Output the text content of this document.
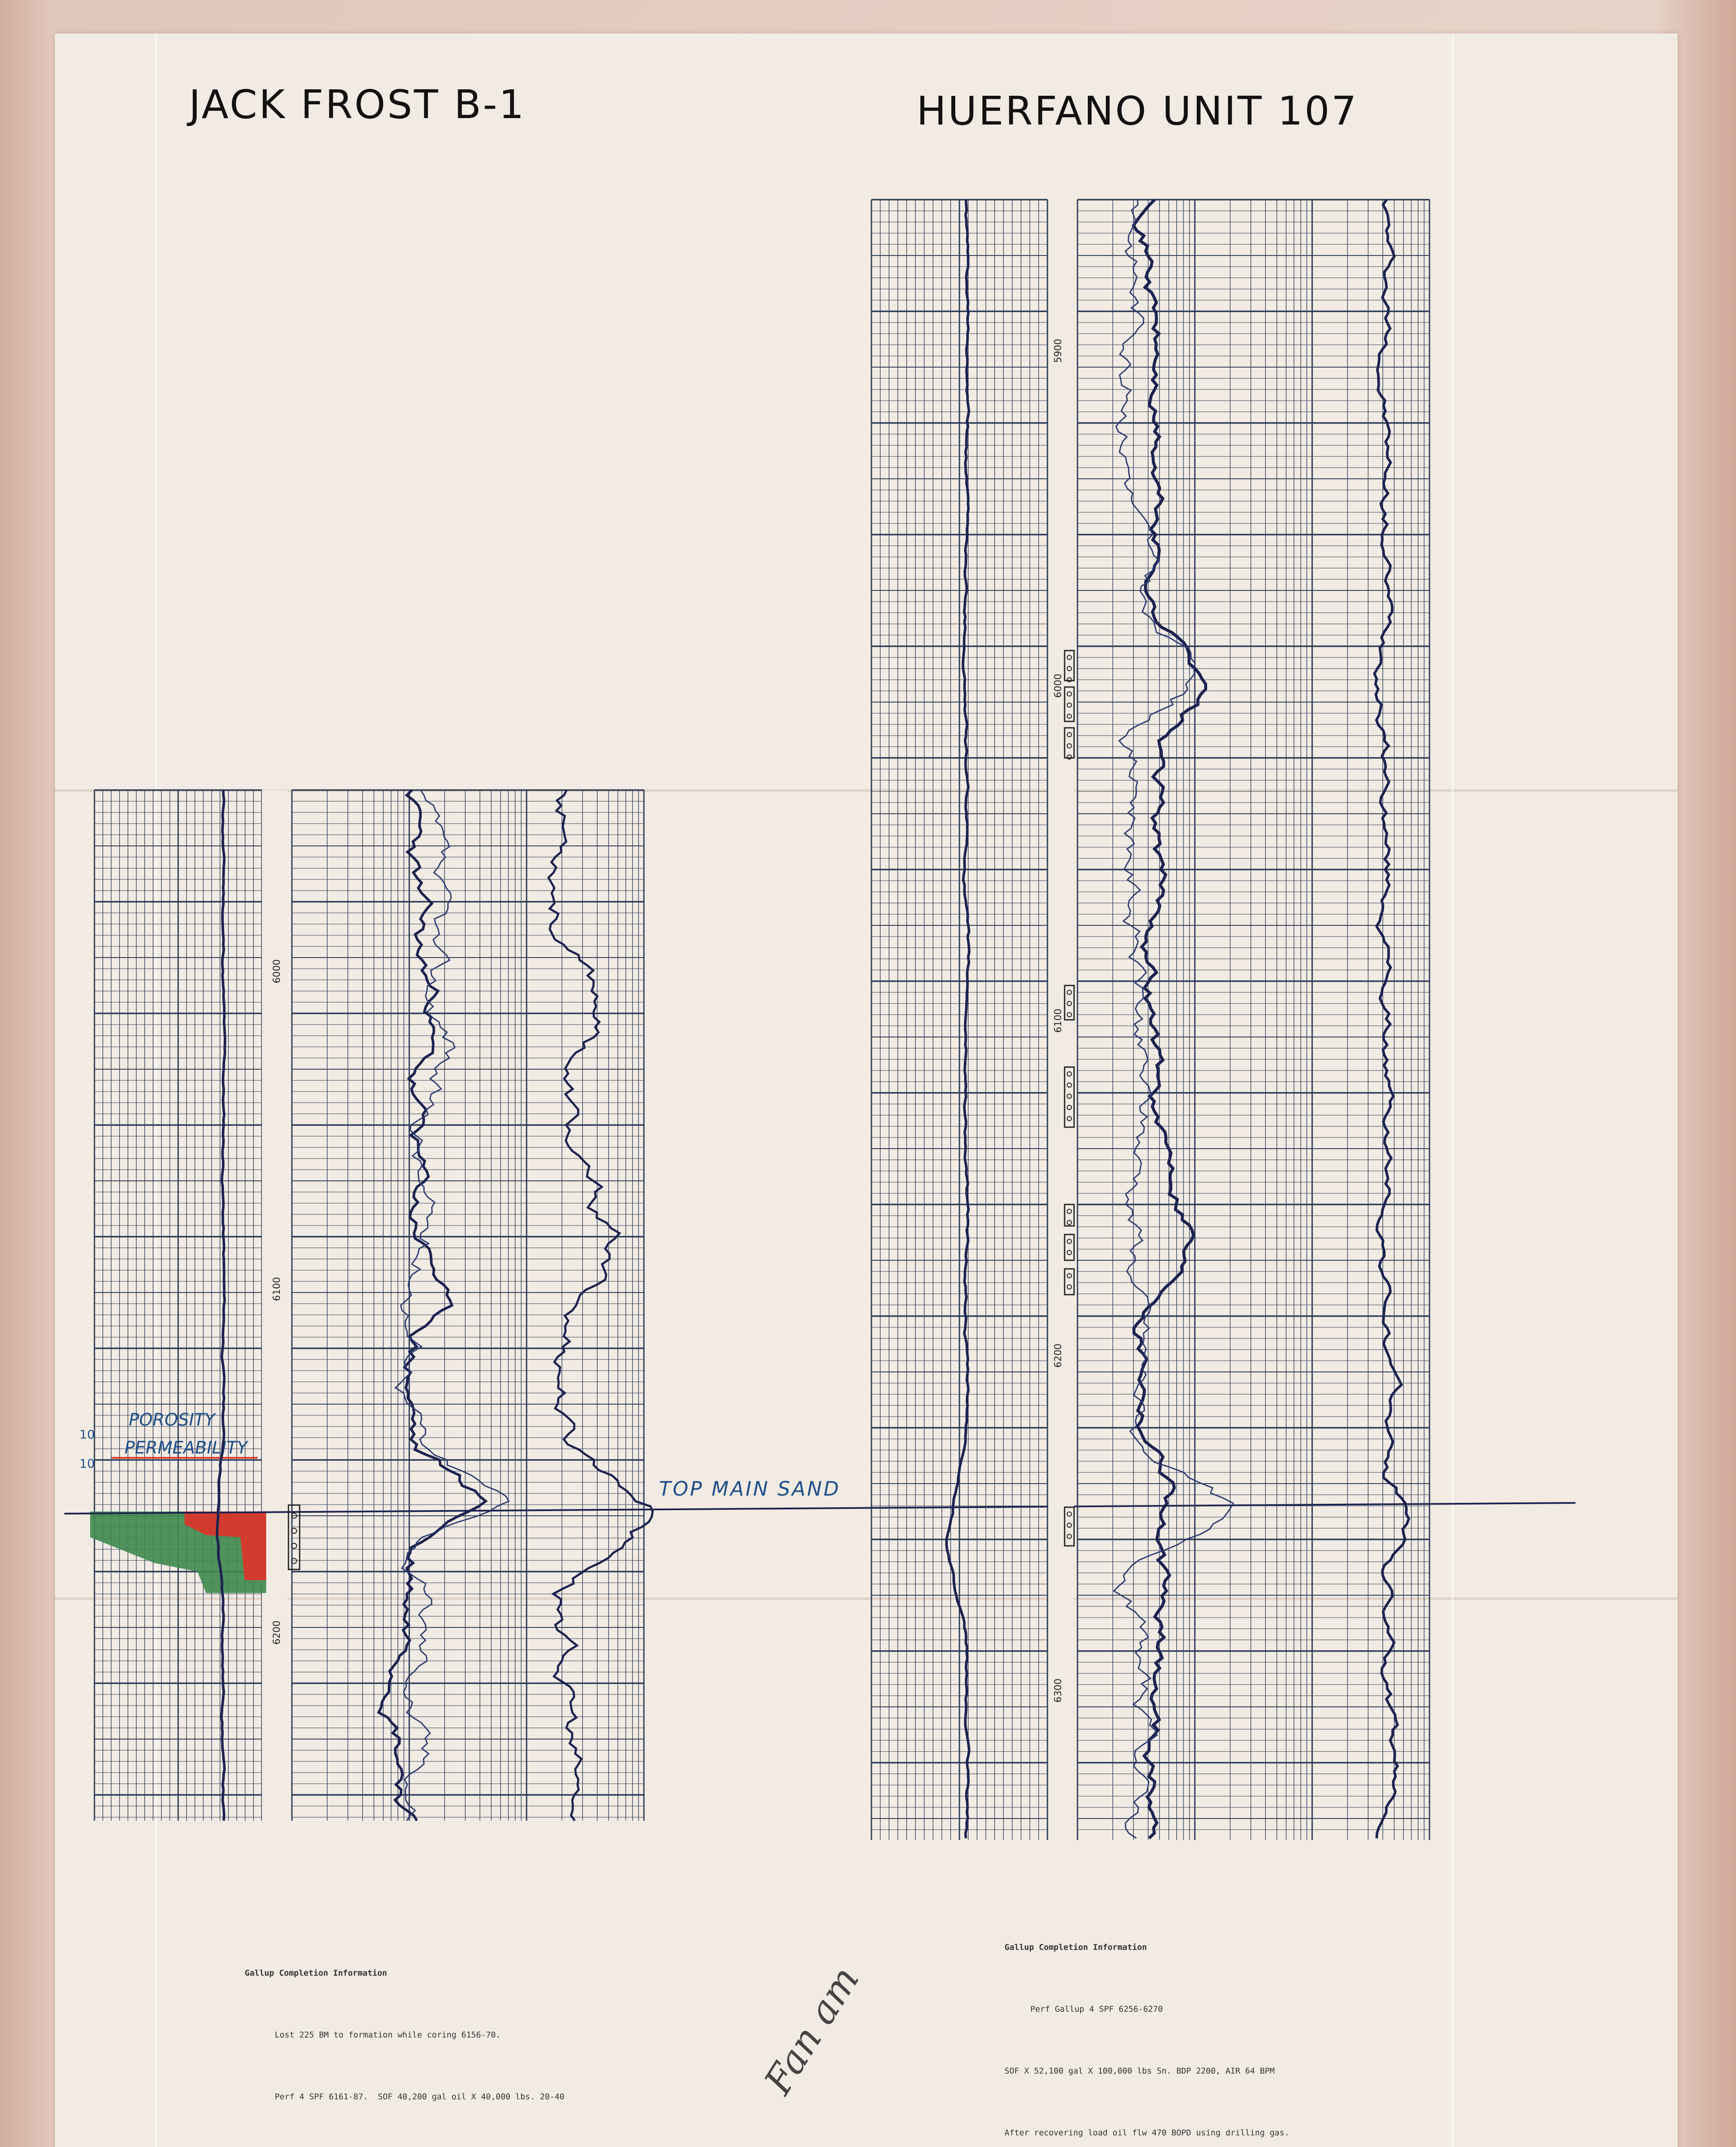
JACK FROST B-1	HUERFANO UNIT 107
6000
6100
6200
POROSITY
PERMEABILITY
10
10
TOP MAIN SAND
5900
6000
6100
6200
6300

Gallup Completion Information

Lost 225 BM to formation while coring 6156-70.

Perf 4 SPF 6161-87.  SOF 40,200 gal oil X 40,000 lbs. 20-40

Gallup Completion Information

Perf Gallup 4 SPF 6256-6270

SOF X 52,100 gal X 100,000 lbs Sn. BDP 2200, AIR 64 BPM

After recovering load oil flw 470 BOPD using drilling gas.

Fan am
